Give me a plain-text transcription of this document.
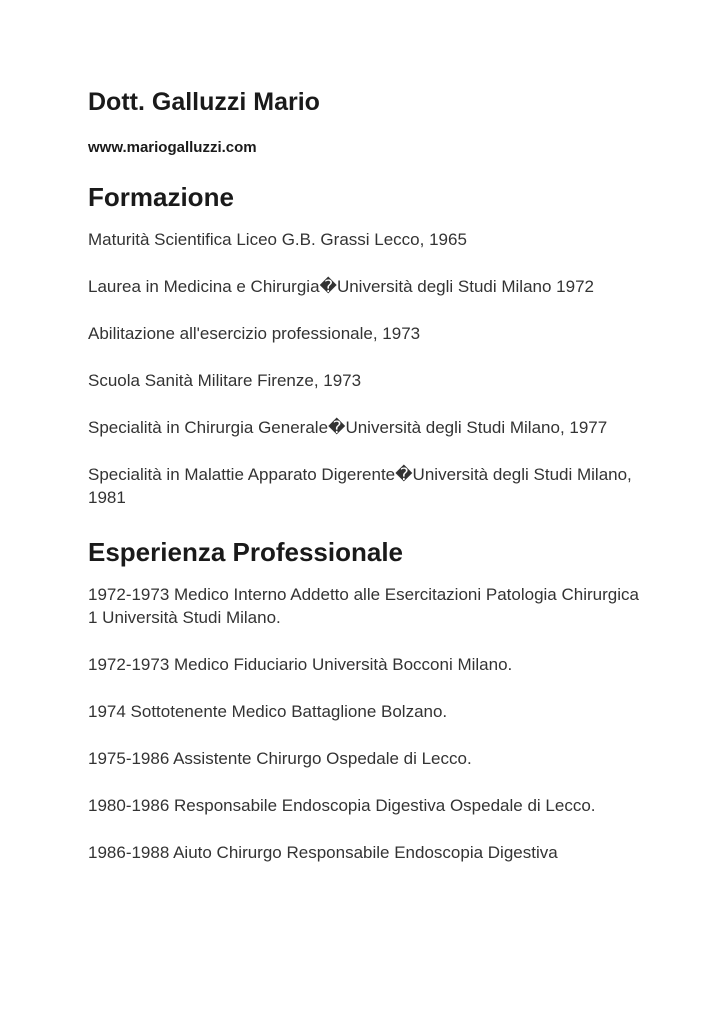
Dott. Galluzzi Mario
www.mariogalluzzi.com
Formazione

Maturità Scientifica Liceo G.B. Grassi Lecco, 1965

Laurea in Medicina e Chirurgia�Università degli Studi Milano 1972

Abilitazione all'esercizio professionale, 1973

Scuola Sanità Militare Firenze, 1973

Specialità in Chirurgia Generale�Università degli Studi Milano, 1977

Specialità in Malattie Apparato Digerente�Università degli Studi Milano, 1981

Esperienza Professionale

1972-1973 Medico Interno Addetto alle Esercitazioni Patologia Chirurgica 1 Università Studi Milano.

1972-1973 Medico Fiduciario Università Bocconi Milano.

1974 Sottotenente Medico Battaglione Bolzano.

1975-1986 Assistente Chirurgo Ospedale di Lecco.

1980-1986 Responsabile Endoscopia Digestiva Ospedale di Lecco.

1986-1988 Aiuto Chirurgo Responsabile Endoscopia Digestiva
